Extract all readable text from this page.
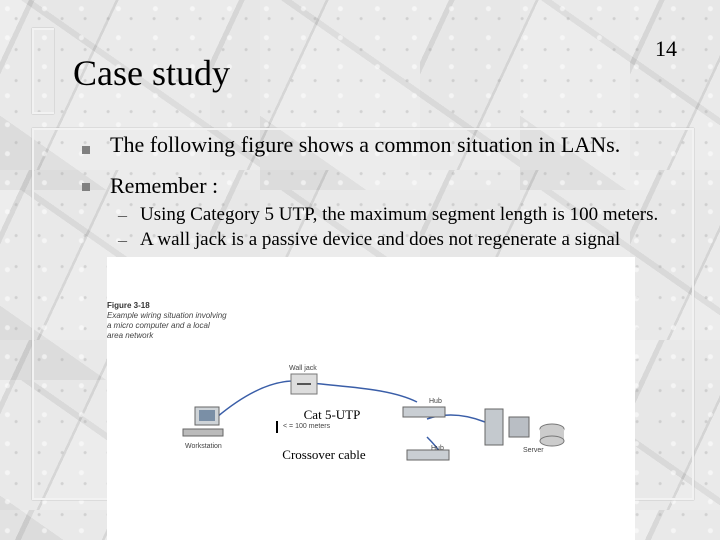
Case study
14
The following figure shows a common situation in LANs.
Remember :
– Using Category 5 UTP, the maximum segment length is 100 meters.
– A wall jack is a passive device and does not regenerate a signal
Figure 3-18
Example wiring situation involving a micro computer and a local area network
Wall jack
Hub
Hub
Workstation
Server
< = 100 meters
Cat 5-UTP
Crossover cable
